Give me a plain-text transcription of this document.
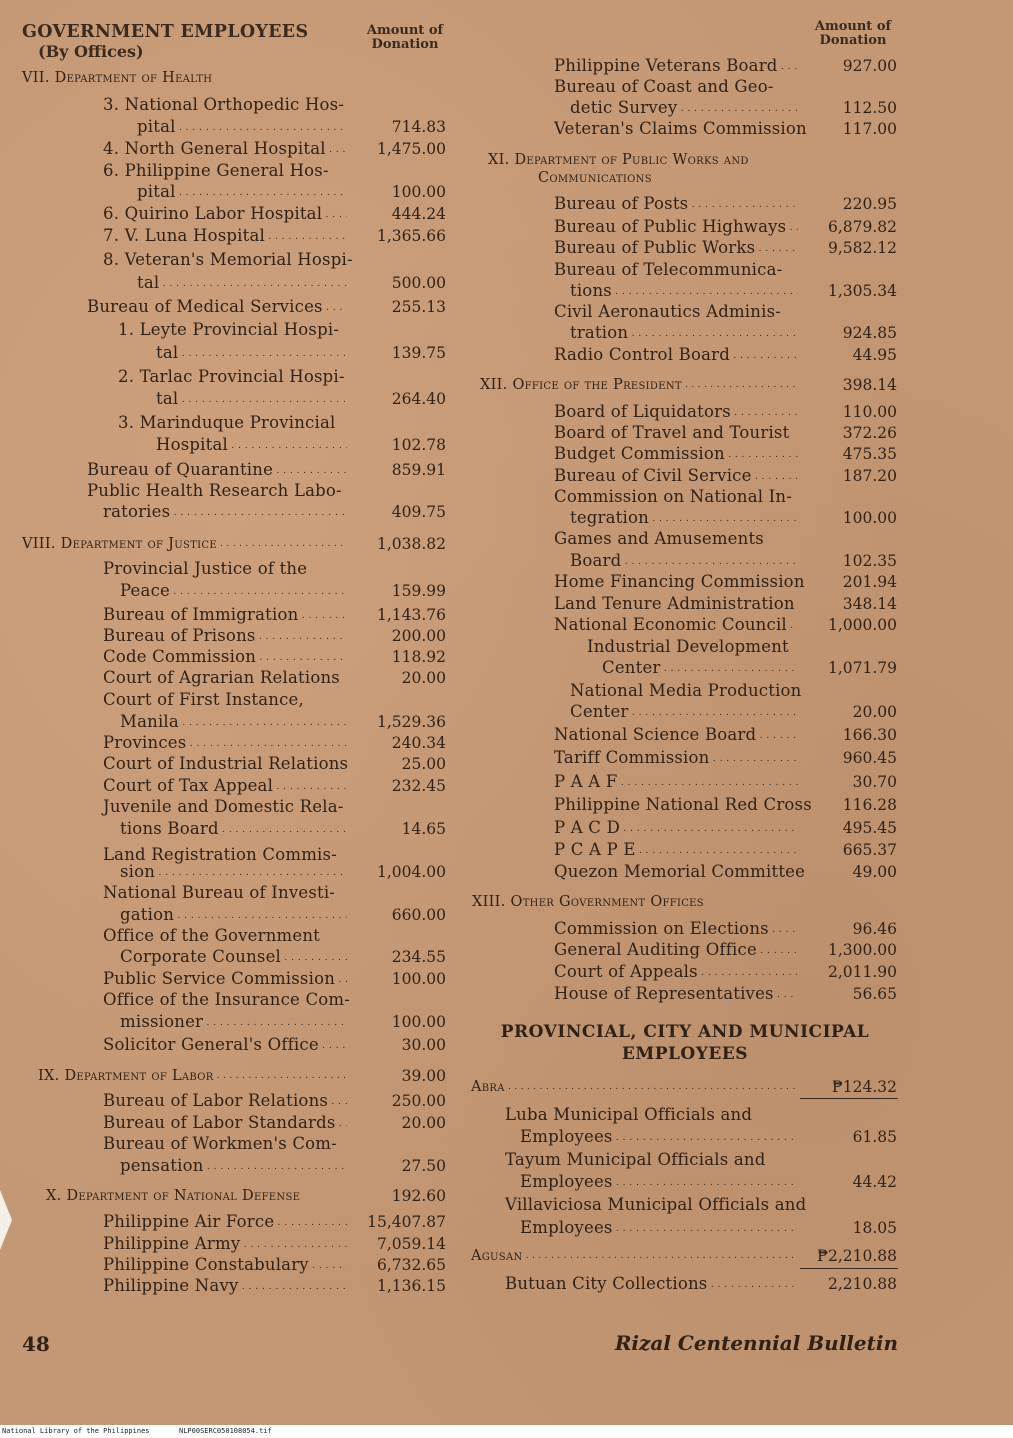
GOVERNMENT EMPLOYEES
(By Offices)
Amount of
Donation
Amount of
Donation
VII. Department of Health
3. National Orthopedic Hos-
pital . . .	714.83
4. North General Hospital . . .	1,475.00
6. Philippine General Hos-
pital . . .	100.00
6. Quirino Labor Hospital . . .	444.24
7. V. Luna Hospital . . .	1,365.66
8. Veteran's Memorial Hospi-
tal . . .	500.00
Bureau of Medical Services . . .	255.13
1. Leyte Provincial Hospi-
tal . . .	139.75
2. Tarlac Provincial Hospi-
tal . . .	264.40
3. Marinduque Provincial
Hospital . . .	102.78
Bureau of Quarantine . . .	859.91
Public Health Research Labo-
ratories . . .	409.75
VIII. Department of Justice . . .	1,038.82
Provincial Justice of the
Peace . . .	159.99
Bureau of Immigration . . .	1,143.76
Bureau of Prisons . . .	200.00
Code Commission . . .	118.92
Court of Agrarian Relations	20.00
Court of First Instance,
Manila . . .	1,529.36
Provinces . . .	240.34
Court of Industrial Relations	25.00
Court of Tax Appeal . . .	232.45
Juvenile and Domestic Rela-
tions Board . . .	14.65
Land Registration Commis-
sion . . .	1,004.00
National Bureau of Investi-
gation . . .	660.00
Office of the Government
Corporate Counsel . . .	234.55
Public Service Commission . . .	100.00
Office of the Insurance Com-
missioner . . .	100.00
Solicitor General's Office . . .	30.00
IX. Department of Labor . . .	39.00
Bureau of Labor Relations . . .	250.00
Bureau of Labor Standards . . .	20.00
Bureau of Workmen's Com-
pensation . . .	27.50
X. Department of National Defense	192.60
Philippine Air Force . . .	15,407.87
Philippine Army . . .	7,059.14
Philippine Constabulary . . .	6,732.65
Philippine Navy . . .	1,136.15
Philippine Veterans Board . . .	927.00
Bureau of Coast and Geo-
detic Survey . . .	112.50
Veteran's Claims Commission	117.00
XI. Department of Public Works and
Communications
Bureau of Posts . . .	220.95
Bureau of Public Highways . . .	6,879.82
Bureau of Public Works . . .	9,582.12
Bureau of Telecommunica-
tions . . .	1,305.34
Civil Aeronautics Adminis-
tration . . .	924.85
Radio Control Board . . .	44.95
XII. Office of the President . . .	398.14
Board of Liquidators . . .	110.00
Board of Travel and Tourist	372.26
Budget Commission . . .	475.35
Bureau of Civil Service . . .	187.20
Commission on National In-
tegration . . .	100.00
Games and Amusements
Board . . .	102.35
Home Financing Commission	201.94
Land Tenure Administration	348.14
National Economic Council . . .	1,000.00
Industrial Development
Center . . .	1,071.79
National Media Production
Center . . .	20.00
National Science Board . . .	166.30
Tariff Commission . . .	960.45
P A A F . . .	30.70
Philippine National Red Cross	116.28
P A C D . . .	495.45
P C A P E . . .	665.37
Quezon Memorial Committee	49.00
XIII. Other Government Offices
Commission on Elections . . .	96.46
General Auditing Office . . .	1,300.00
Court of Appeals . . .	2,011.90
House of Representatives . . .	56.65
Abra . . .	₱124.32
Luba Municipal Officials and
Employees . . .	61.85
Tayum Municipal Officials and
Employees . . .	44.42
Villaviciosa Municipal Officials and
Employees . . .	18.05
Agusan . . .	₱2,210.88
Butuan City Collections . . .	2,210.88
PROVINCIAL, CITY AND MUNICIPAL
EMPLOYEES
48	Rizal Centennial Bulletin
National Library of the Philippines       NLP00SERC050108054.tif
